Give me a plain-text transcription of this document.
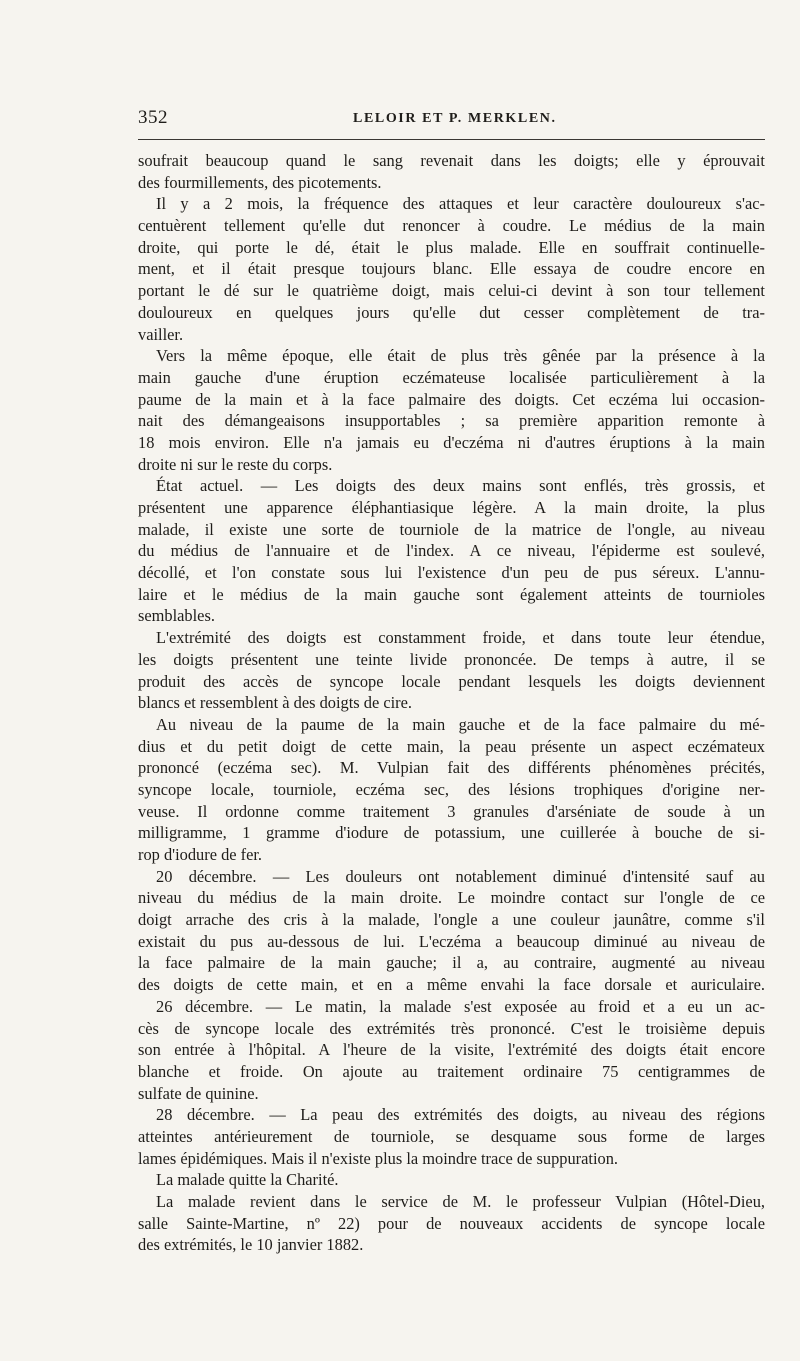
352	LELOIR ET P. MERKLEN.
soufrait beaucoup quand le sang revenait dans les doigts; elle y éprouvait
des fourmillements, des picotements.
Il y a 2 mois, la fréquence des attaques et leur caractère douloureux s'ac-
centuèrent tellement qu'elle dut renoncer à coudre. Le médius de la main
droite, qui porte le dé, était le plus malade. Elle en souffrait continuelle-
ment, et il était presque toujours blanc. Elle essaya de coudre encore en
portant le dé sur le quatrième doigt, mais celui-ci devint à son tour tellement
douloureux en quelques jours qu'elle dut cesser complètement de tra-
vailler.
Vers la même époque, elle était de plus très gênée par la présence à la
main gauche d'une éruption eczémateuse localisée particulièrement à la
paume de la main et à la face palmaire des doigts. Cet eczéma lui occasion-
nait des démangeaisons insupportables ; sa première apparition remonte à
18 mois environ. Elle n'a jamais eu d'eczéma ni d'autres éruptions à la main
droite ni sur le reste du corps.
État actuel. — Les doigts des deux mains sont enflés, très grossis, et
présentent une apparence éléphantiasique légère. A la main droite, la plus
malade, il existe une sorte de tourniole de la matrice de l'ongle, au niveau
du médius de l'annuaire et de l'index. A ce niveau, l'épiderme est soulevé,
décollé, et l'on constate sous lui l'existence d'un peu de pus séreux. L'annu-
laire et le médius de la main gauche sont également atteints de tournioles
semblables.
L'extrémité des doigts est constamment froide, et dans toute leur étendue,
les doigts présentent une teinte livide prononcée. De temps à autre, il se
produit des accès de syncope locale pendant lesquels les doigts deviennent
blancs et ressemblent à des doigts de cire.
Au niveau de la paume de la main gauche et de la face palmaire du mé-
dius et du petit doigt de cette main, la peau présente un aspect eczémateux
prononcé (eczéma sec). M. Vulpian fait des différents phénomènes précités,
syncope locale, tourniole, eczéma sec, des lésions trophiques d'origine ner-
veuse. Il ordonne comme traitement 3 granules d'arséniate de soude à un
milligramme, 1 gramme d'iodure de potassium, une cuillerée à bouche de si-
rop d'iodure de fer.
20 décembre. — Les douleurs ont notablement diminué d'intensité sauf au
niveau du médius de la main droite. Le moindre contact sur l'ongle de ce
doigt arrache des cris à la malade, l'ongle a une couleur jaunâtre, comme s'il
existait du pus au-dessous de lui. L'eczéma a beaucoup diminué au niveau de
la face palmaire de la main gauche; il a, au contraire, augmenté au niveau
des doigts de cette main, et en a même envahi la face dorsale et auriculaire.
26 décembre. — Le matin, la malade s'est exposée au froid et a eu un ac-
cès de syncope locale des extrémités très prononcé. C'est le troisième depuis
son entrée à l'hôpital. A l'heure de la visite, l'extrémité des doigts était encore
blanche et froide. On ajoute au traitement ordinaire 75 centigrammes de
sulfate de quinine.
28 décembre. — La peau des extrémités des doigts, au niveau des régions
atteintes antérieurement de tourniole, se desquame sous forme de larges
lames épidémiques. Mais il n'existe plus la moindre trace de suppuration.
La malade quitte la Charité.
La malade revient dans le service de M. le professeur Vulpian (Hôtel-Dieu,
salle Sainte-Martine, nº 22) pour de nouveaux accidents de syncope locale
des extrémités, le 10 janvier 1882.
